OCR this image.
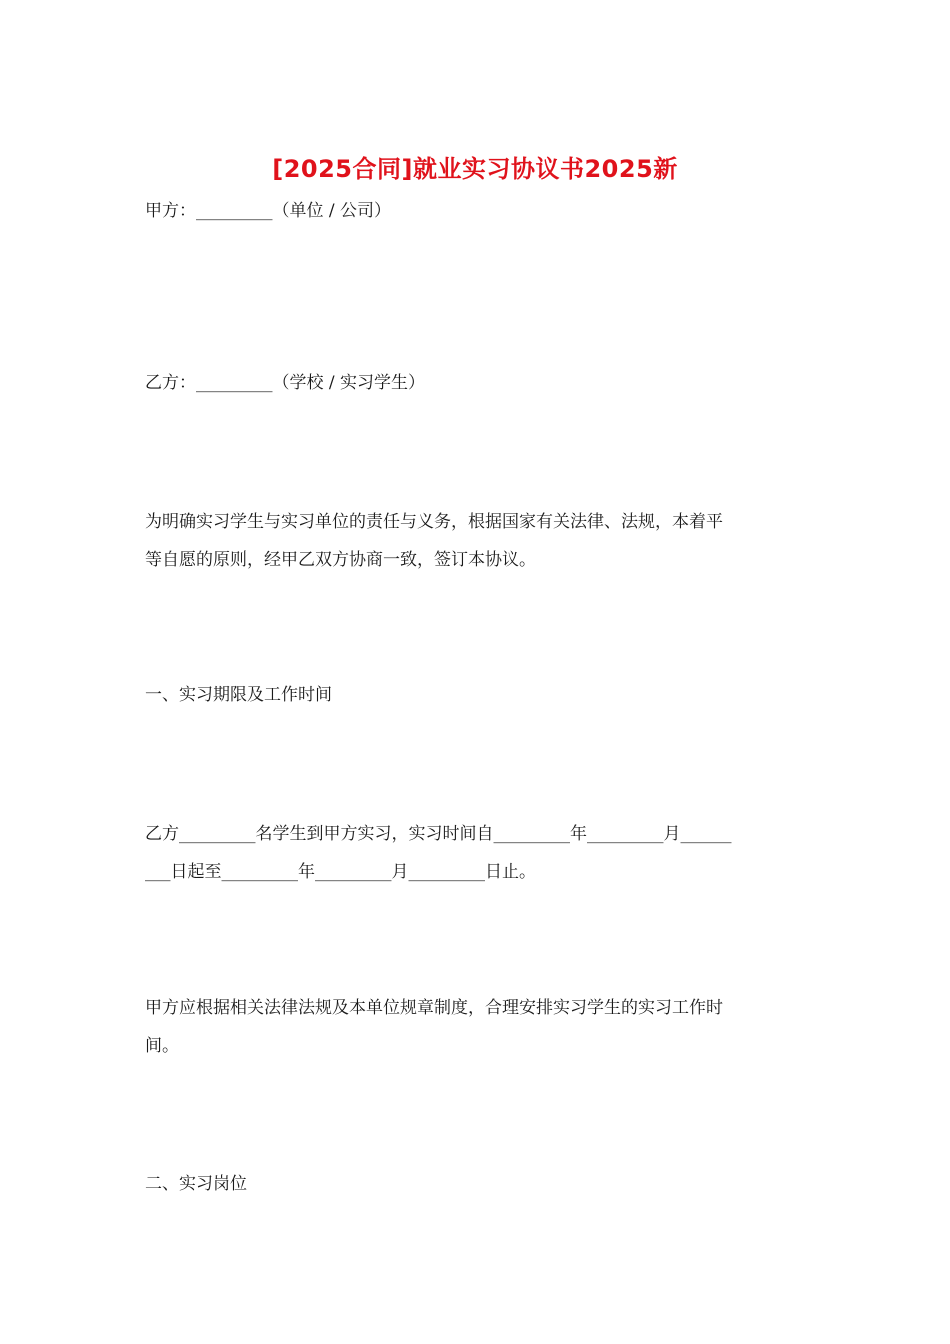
[2025合同]就业实习协议书2025新
甲方：_________（单位 / 公司）
乙方：_________（学校 / 实习学生）
为明确实习学生与实习单位的责任与义务，根据国家有关法律、法规，本着平
等自愿的原则，经甲乙双方协商一致，签订本协议。
一、实习期限及工作时间
乙方_________名学生到甲方实习，实习时间自_________年_________月______
___日起至_________年_________月_________日止。
甲方应根据相关法律法规及本单位规章制度，合理安排实习学生的实习工作时
间。
二、实习岗位
